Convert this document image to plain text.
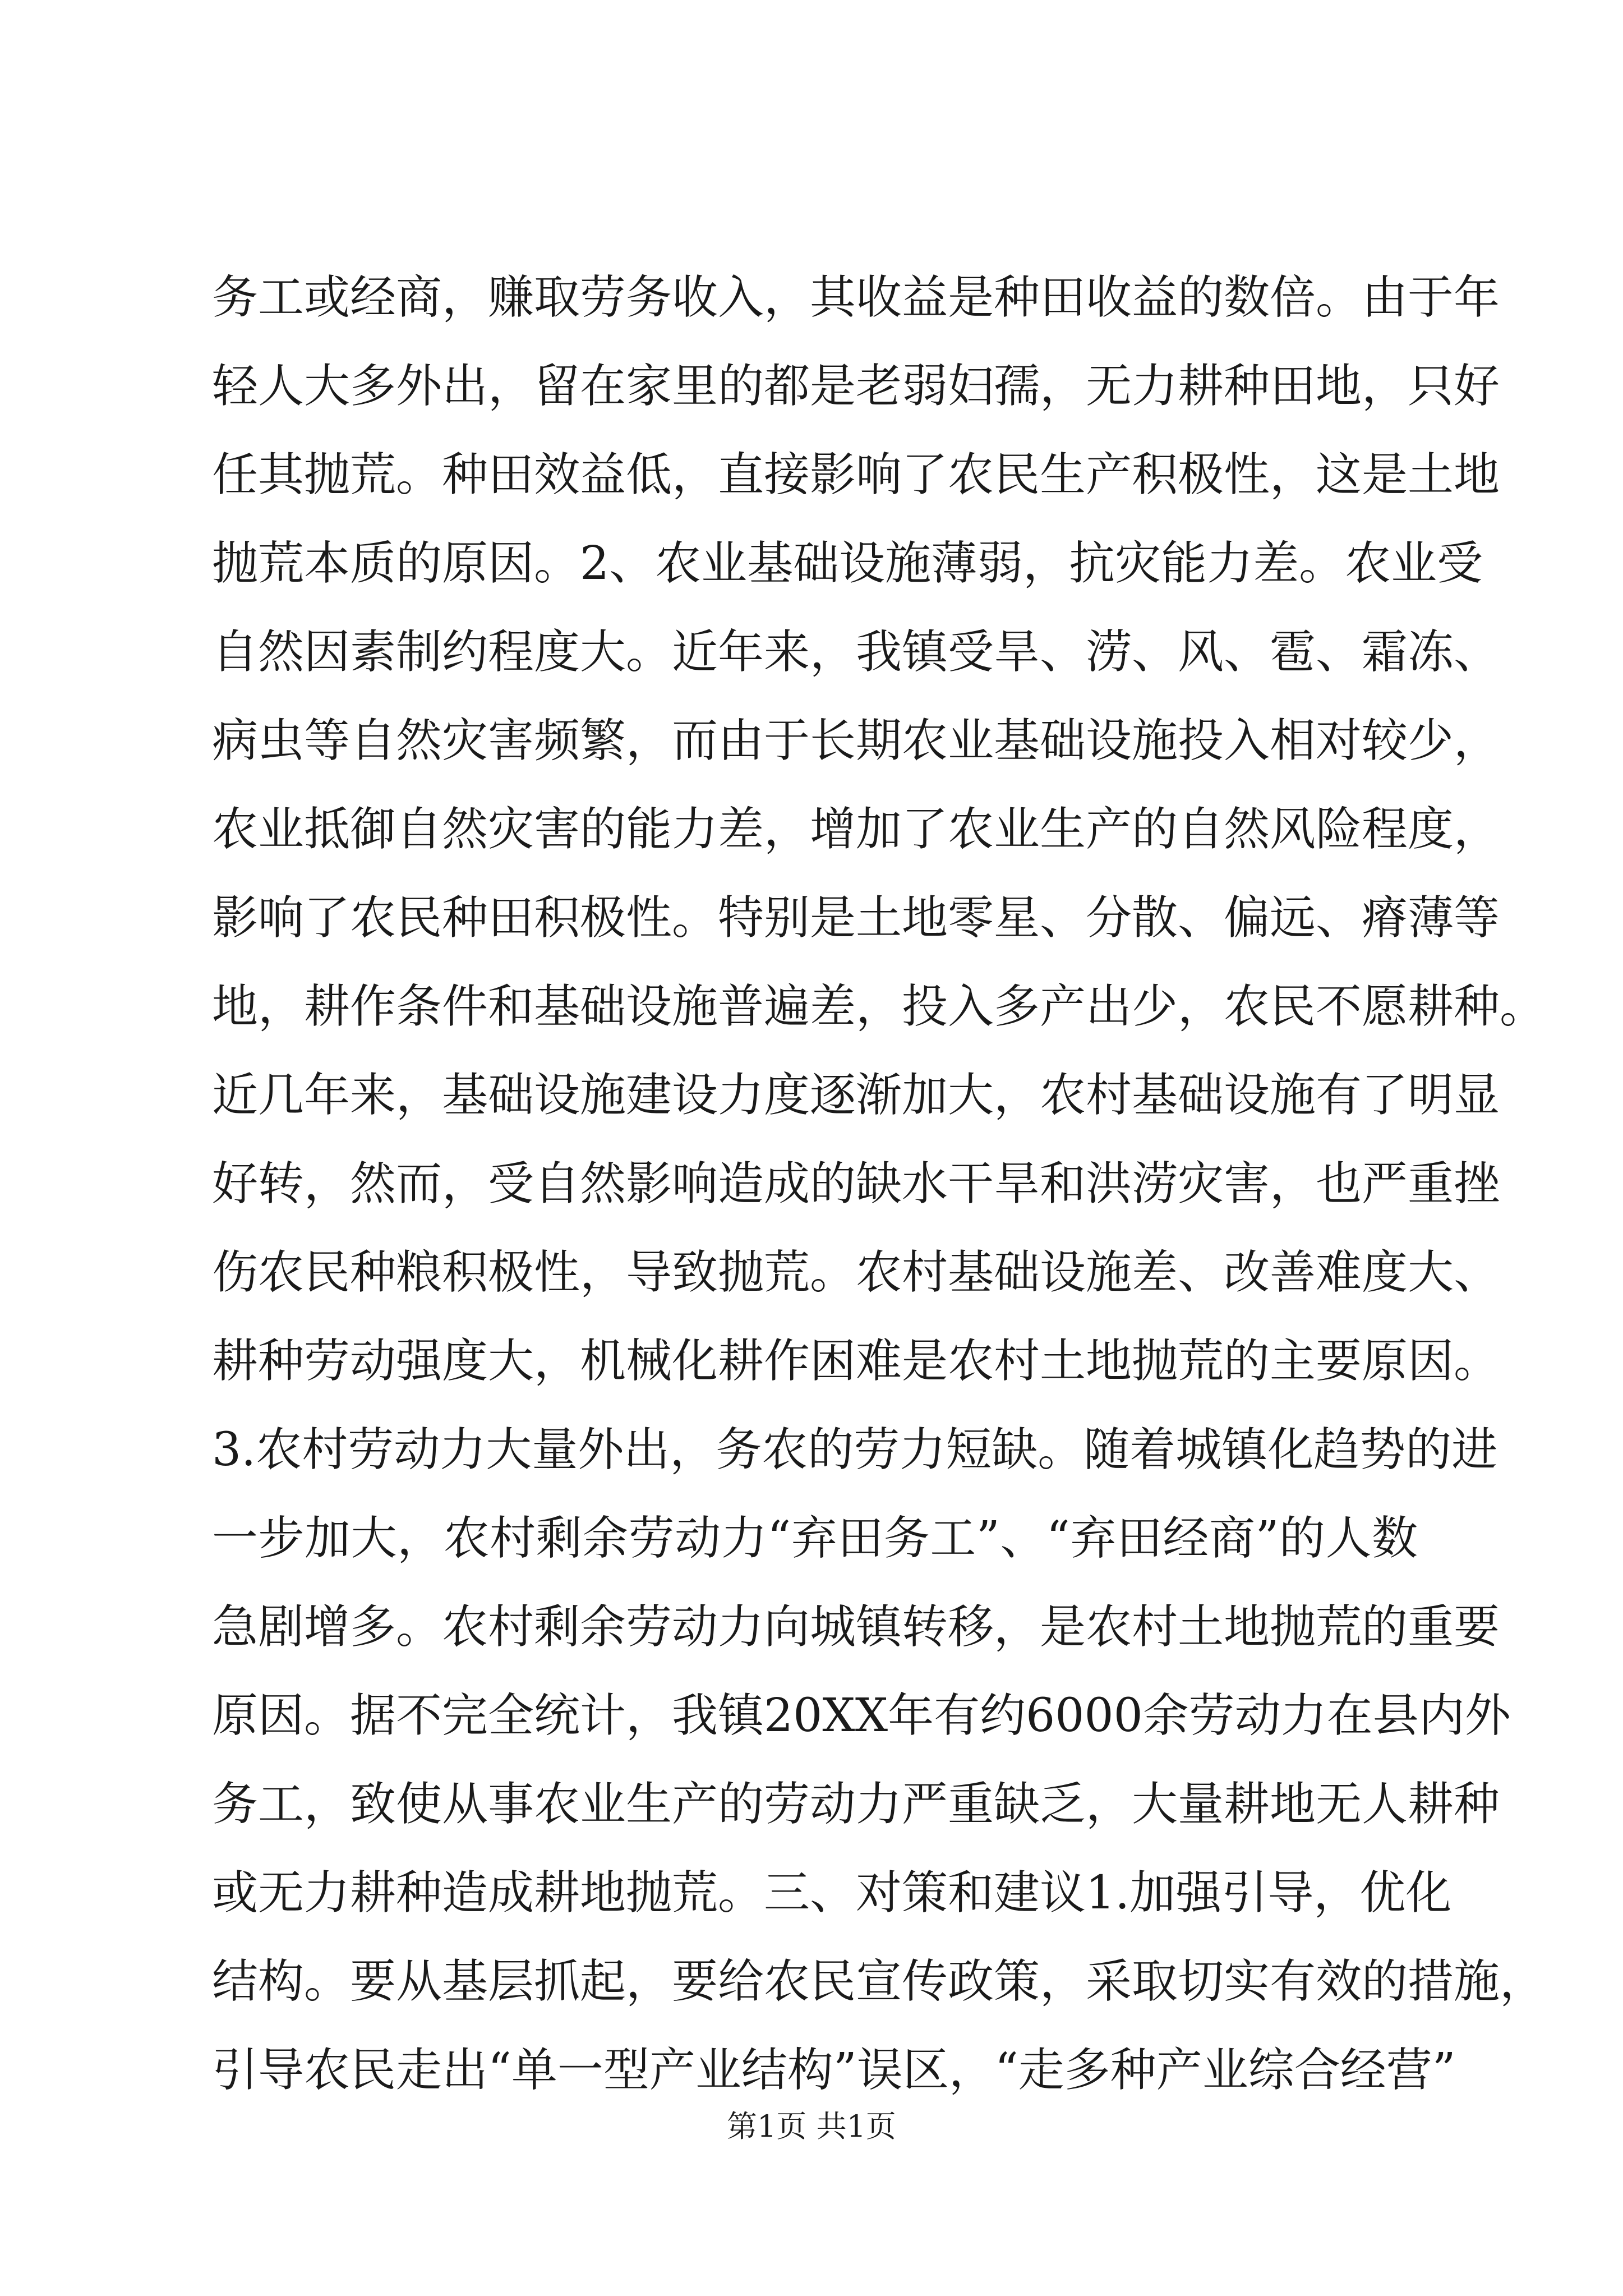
务工或经商，赚取劳务收入，其收益是种田收益的数倍。由于年
轻人大多外出，留在家里的都是老弱妇孺，无力耕种田地，只好
任其抛荒。种田效益低，直接影响了农民生产积极性，这是土地
抛荒本质的原因。2、农业基础设施薄弱，抗灾能力差。农业受
自然因素制约程度大。近年来，我镇受旱、涝、风、雹、霜冻、
病虫等自然灾害频繁，而由于长期农业基础设施投入相对较少，
农业抵御自然灾害的能力差，增加了农业生产的自然风险程度，
影响了农民种田积极性。特别是土地零星、分散、偏远、瘠薄等
地，耕作条件和基础设施普遍差，投入多产出少，农民不愿耕种。
近几年来，基础设施建设力度逐渐加大，农村基础设施有了明显
好转，然而，受自然影响造成的缺水干旱和洪涝灾害，也严重挫
伤农民种粮积极性，导致抛荒。农村基础设施差、改善难度大、
耕种劳动强度大，机械化耕作困难是农村土地抛荒的主要原因。
3.农村劳动力大量外出，务农的劳力短缺。随着城镇化趋势的进
一步加大，农村剩余劳动力“弃田务工”、“弃田经商”的人数
急剧增多。农村剩余劳动力向城镇转移，是农村土地抛荒的重要
原因。据不完全统计，我镇20XX年有约6000余劳动力在县内外
务工，致使从事农业生产的劳动力严重缺乏，大量耕地无人耕种
或无力耕种造成耕地抛荒。三、对策和建议1.加强引导，优化
结构。要从基层抓起，要给农民宣传政策，采取切实有效的措施，
引导农民走出“单一型产业结构”误区，“走多种产业综合经营”
第1页 共1页
